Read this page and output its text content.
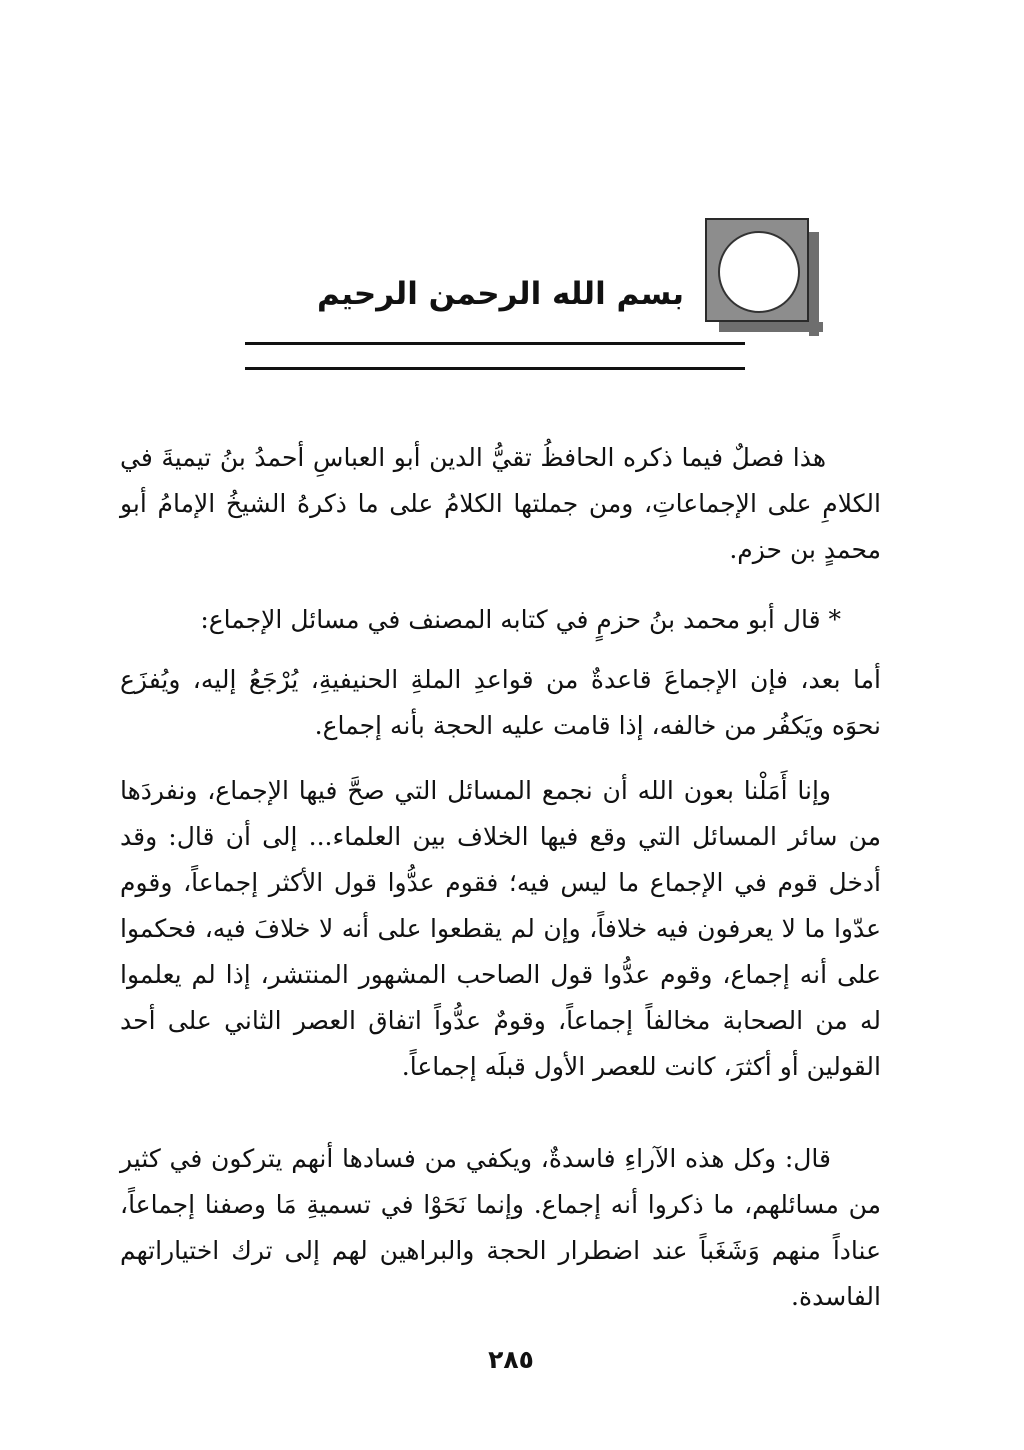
بسم الله الرحمن الرحيم

هذا فصلٌ فيما ذكره الحافظُ تقيُّ الدين أبو العباسِ أحمدُ بنُ تيميةَ في الكلامِ على الإجماعاتِ، ومن جملتها الكلامُ على ما ذكرهُ الشيخُ الإمامُ أبو محمدٍ بن حزم.

* قال أبو محمد بنُ حزمٍ في كتابه المصنف في مسائل الإجماع:

أما بعد، فإن الإجماعَ قاعدةٌ من قواعدِ الملةِ الحنيفيةِ، يُرْجَعُ إليه، ويُفزَع نحوَه ويَكفُر من خالفه، إذا قامت عليه الحجة بأنه إجماع.

وإنا أَمَلْنا بعون الله أن نجمع المسائل التي صحَّ فيها الإجماع، ونفردَها من سائر المسائل التي وقع فيها الخلاف بين العلماء... إلى أن قال: وقد أدخل قوم في الإجماع ما ليس فيه؛ فقوم عدُّوا قول الأكثر إجماعاً، وقوم عدّوا ما لا يعرفون فيه خلافاً، وإن لم يقطعوا على أنه لا خلافَ فيه، فحكموا على أنه إجماع، وقوم عدُّوا قول الصاحب المشهور المنتشر، إذا لم يعلموا له من الصحابة مخالفاً إجماعاً، وقومٌ عدُّواً اتفاق العصر الثاني على أحد القولين أو أكثرَ، كانت للعصر الأول قبلَه إجماعاً.

قال: وكل هذه الآراءِ فاسدةٌ، ويكفي من فسادها أنهم يتركون في كثير من مسائلهم، ما ذكروا أنه إجماع. وإنما نَحَوْا في تسميةِ مَا وصفنا إجماعاً، عناداً منهم وَشَغَباً عند اضطرار الحجة والبراهين لهم إلى ترك اختياراتهم الفاسدة.

٢٨٥
